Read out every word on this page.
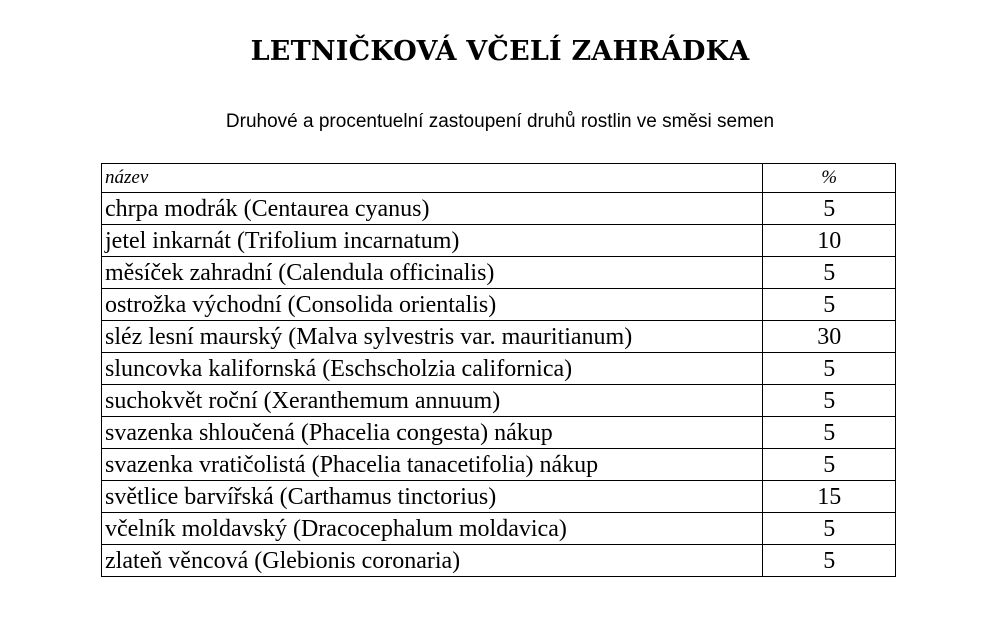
LETNIČKOVÁ VČELÍ ZAHRÁDKA
Druhové a procentuelní zastoupení druhů rostlin ve směsi semen
název	%
chrpa modrák (Centaurea cyanus)	5
jetel inkarnát (Trifolium incarnatum)	10
měsíček zahradní (Calendula officinalis)	5
ostrožka východní (Consolida orientalis)	5
sléz lesní maurský (Malva sylvestris var. mauritianum)	30
sluncovka kalifornská (Eschscholzia californica)	5
suchokvět roční (Xeranthemum annuum)	5
svazenka shloučená (Phacelia congesta) nákup	5
svazenka vratičolistá (Phacelia tanacetifolia) nákup	5
světlice barvířská (Carthamus tinctorius)	15
včelník moldavský (Dracocephalum moldavica)	5
zlateň věncová (Glebionis coronaria)	5
